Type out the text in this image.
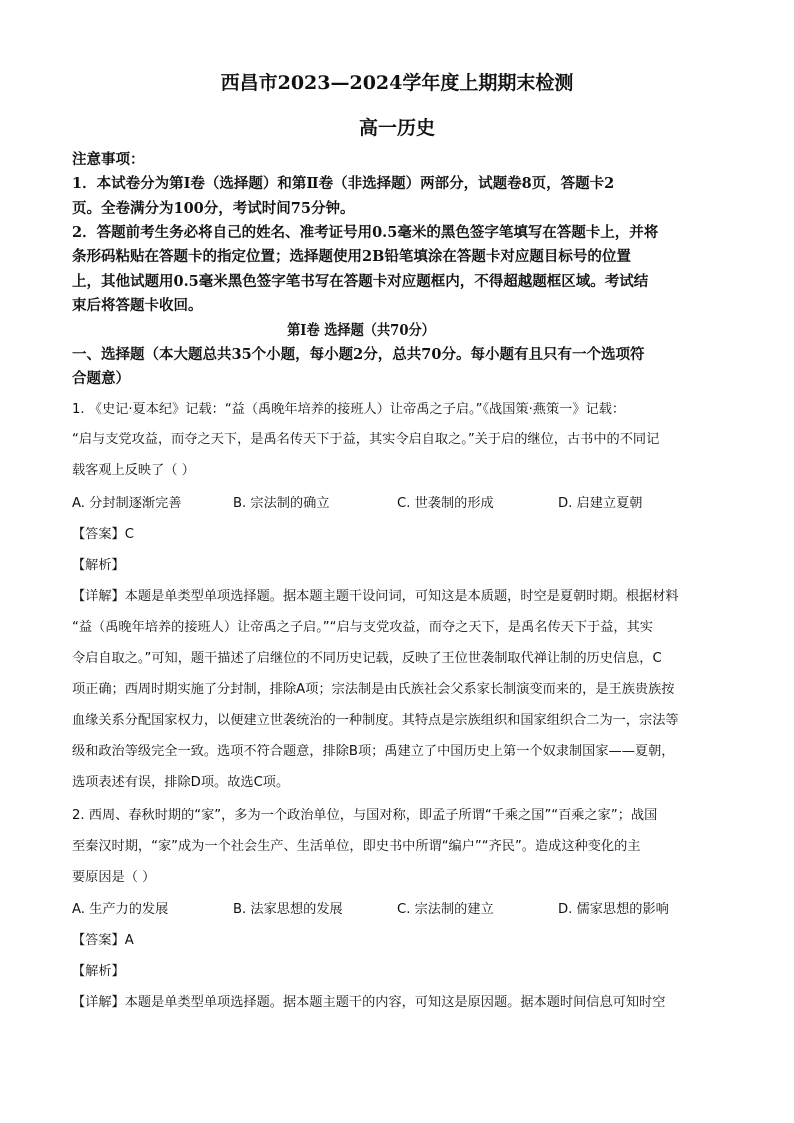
西昌市2023—2024学年度上期期末检测
高一历史
注意事项：
1．本试卷分为第Ⅰ卷（选择题）和第Ⅱ卷（非选择题）两部分，试题卷8页，答题卡2
页。全卷满分为100分，考试时间75分钟。
2．答题前考生务必将自己的姓名、准考证号用0.5毫米的黑色签字笔填写在答题卡上，并将
条形码粘贴在答题卡的指定位置；选择题使用2B铅笔填涂在答题卡对应题目标号的位置
上，其他试题用0.5毫米黑色签字笔书写在答题卡对应题框内，不得超越题框区域。考试结
束后将答题卡收回。
第Ⅰ卷 选择题（共70分）
一、选择题（本大题总共35个小题，每小题2分，总共70分。每小题有且只有一个选项符
合题意）
1. 《史记·夏本纪》记载：“益（禹晚年培养的接班人）让帝禹之子启。”《战国策·燕策一》记载：
“启与支党攻益，而夺之天下，是禹名传天下于益，其实令启自取之。”关于启的继位，古书中的不同记
载客观上反映了（ ）
A. 分封制逐渐完善	B. 宗法制的确立	C. 世袭制的形成	D. 启建立夏朝
【答案】C
【解析】
【详解】本题是单类型单项选择题。据本题主题干设问词，可知这是本质题，时空是夏朝时期。根据材料
“益（禹晚年培养的接班人）让帝禹之子启。”“启与支党攻益，而夺之天下，是禹名传天下于益，其实
令启自取之。”可知，题干描述了启继位的不同历史记载，反映了王位世袭制取代禅让制的历史信息，C
项正确；西周时期实施了分封制，排除A项；宗法制是由氏族社会父系家长制演变而来的，是王族贵族按
血缘关系分配国家权力，以便建立世袭统治的一种制度。其特点是宗族组织和国家组织合二为一，宗法等
级和政治等级完全一致。选项不符合题意，排除B项；禹建立了中国历史上第一个奴隶制国家——夏朝，
选项表述有误，排除D项。故选C项。
2. 西周、春秋时期的“家”，多为一个政治单位，与国对称，即孟子所谓“千乘之国”“百乘之家”；战国
至秦汉时期，“家”成为一个社会生产、生活单位，即史书中所谓“编户”“齐民”。造成这种变化的主
要原因是（ ）
A. 生产力的发展	B. 法家思想的发展	C. 宗法制的建立	D. 儒家思想的影响
【答案】A
【解析】
【详解】本题是单类型单项选择题。据本题主题干的内容，可知这是原因题。据本题时间信息可知时空
